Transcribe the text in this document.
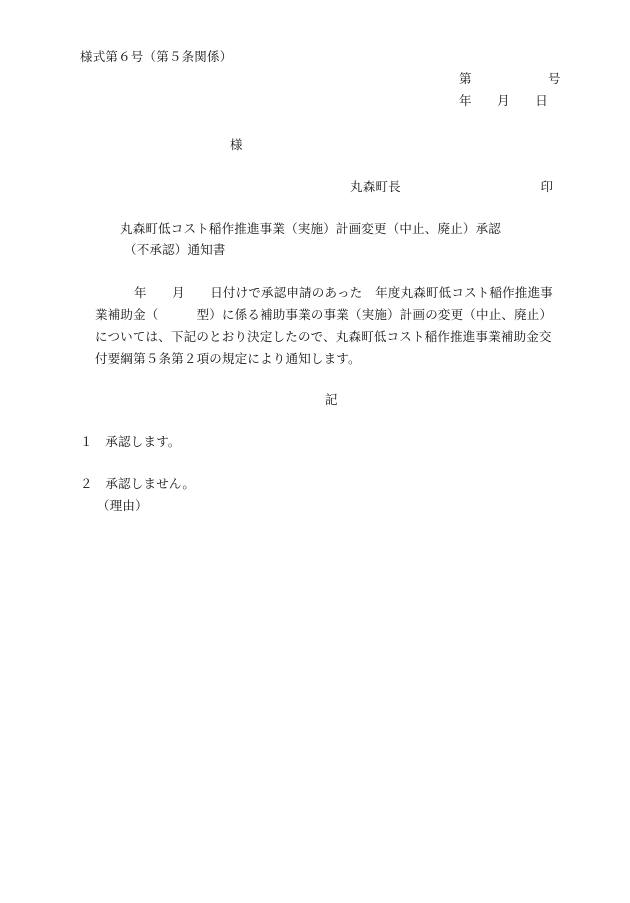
様式第６号（第５条関係）
第　　　　　　号
年　　月　　日
様
丸森町長　　　　　　　　　　　印
丸森町低コスト稲作推進事業（実施）計画変更（中止、廃止）承認
（不承認）通知書
年　　月　　日付けで承認申請のあった　年度丸森町低コスト稲作推進事
業補助金（　　　型）に係る補助事業の事業（実施）計画の変更（中止、廃止）
については、下記のとおり決定したので、丸森町低コスト稲作推進事業補助金交
付要綱第５条第２項の規定により通知します。
記
１　承認します。
２　承認しません。
（理由）
